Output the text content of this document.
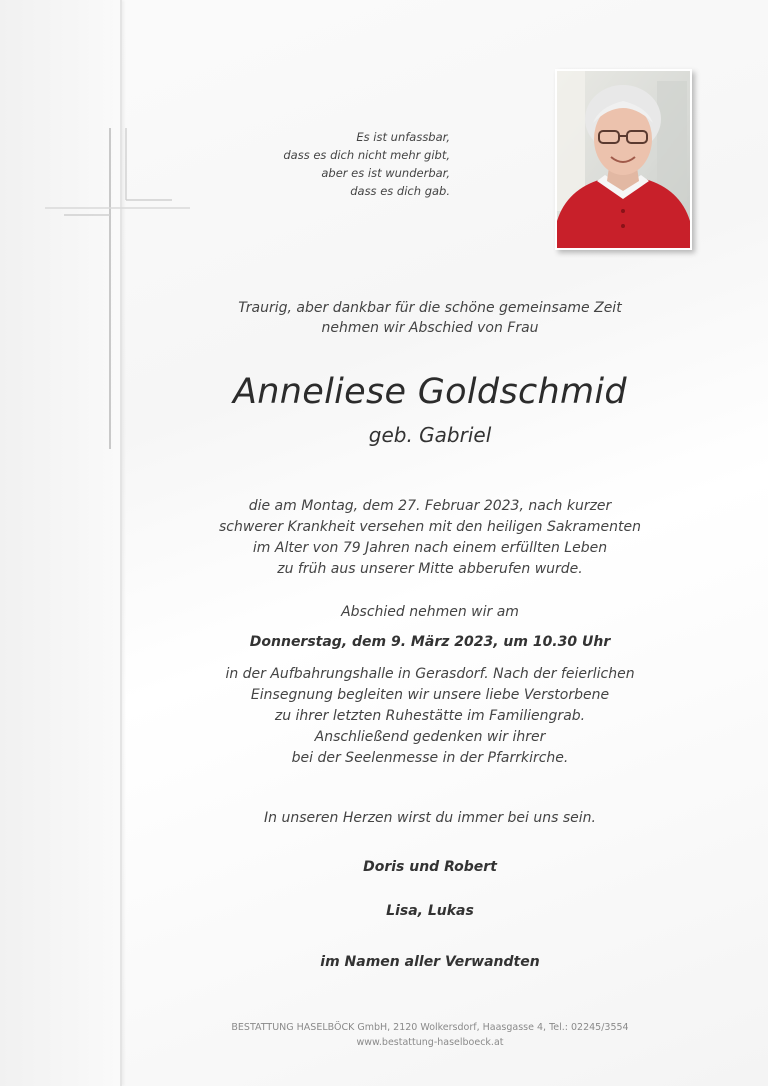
Es ist unfassbar,
dass es dich nicht mehr gibt,
aber es ist wunderbar,
dass es dich gab.
Traurig, aber dankbar für die schöne gemeinsame Zeit
nehmen wir Abschied von Frau
Anneliese Goldschmid
geb. Gabriel
die am Montag, dem 27. Februar 2023, nach kurzer
schwerer Krankheit versehen mit den heiligen Sakramenten
im Alter von 79 Jahren nach einem erfüllten Leben
zu früh aus unserer Mitte abberufen wurde.
Abschied nehmen wir am
Donnerstag, dem 9. März 2023, um 10.30 Uhr
in der Aufbahrungshalle in Gerasdorf. Nach der feierlichen
Einsegnung begleiten wir unsere liebe Verstorbene
zu ihrer letzten Ruhestätte im Familiengrab.
Anschließend gedenken wir ihrer
bei der Seelenmesse in der Pfarrkirche.
In unseren Herzen wirst du immer bei uns sein.
Doris und Robert
Lisa, Lukas
im Namen aller Verwandten
BESTATTUNG HASELBÖCK GmbH, 2120 Wolkersdorf, Haasgasse 4, Tel.: 02245/3554
www.bestattung-haselboeck.at
